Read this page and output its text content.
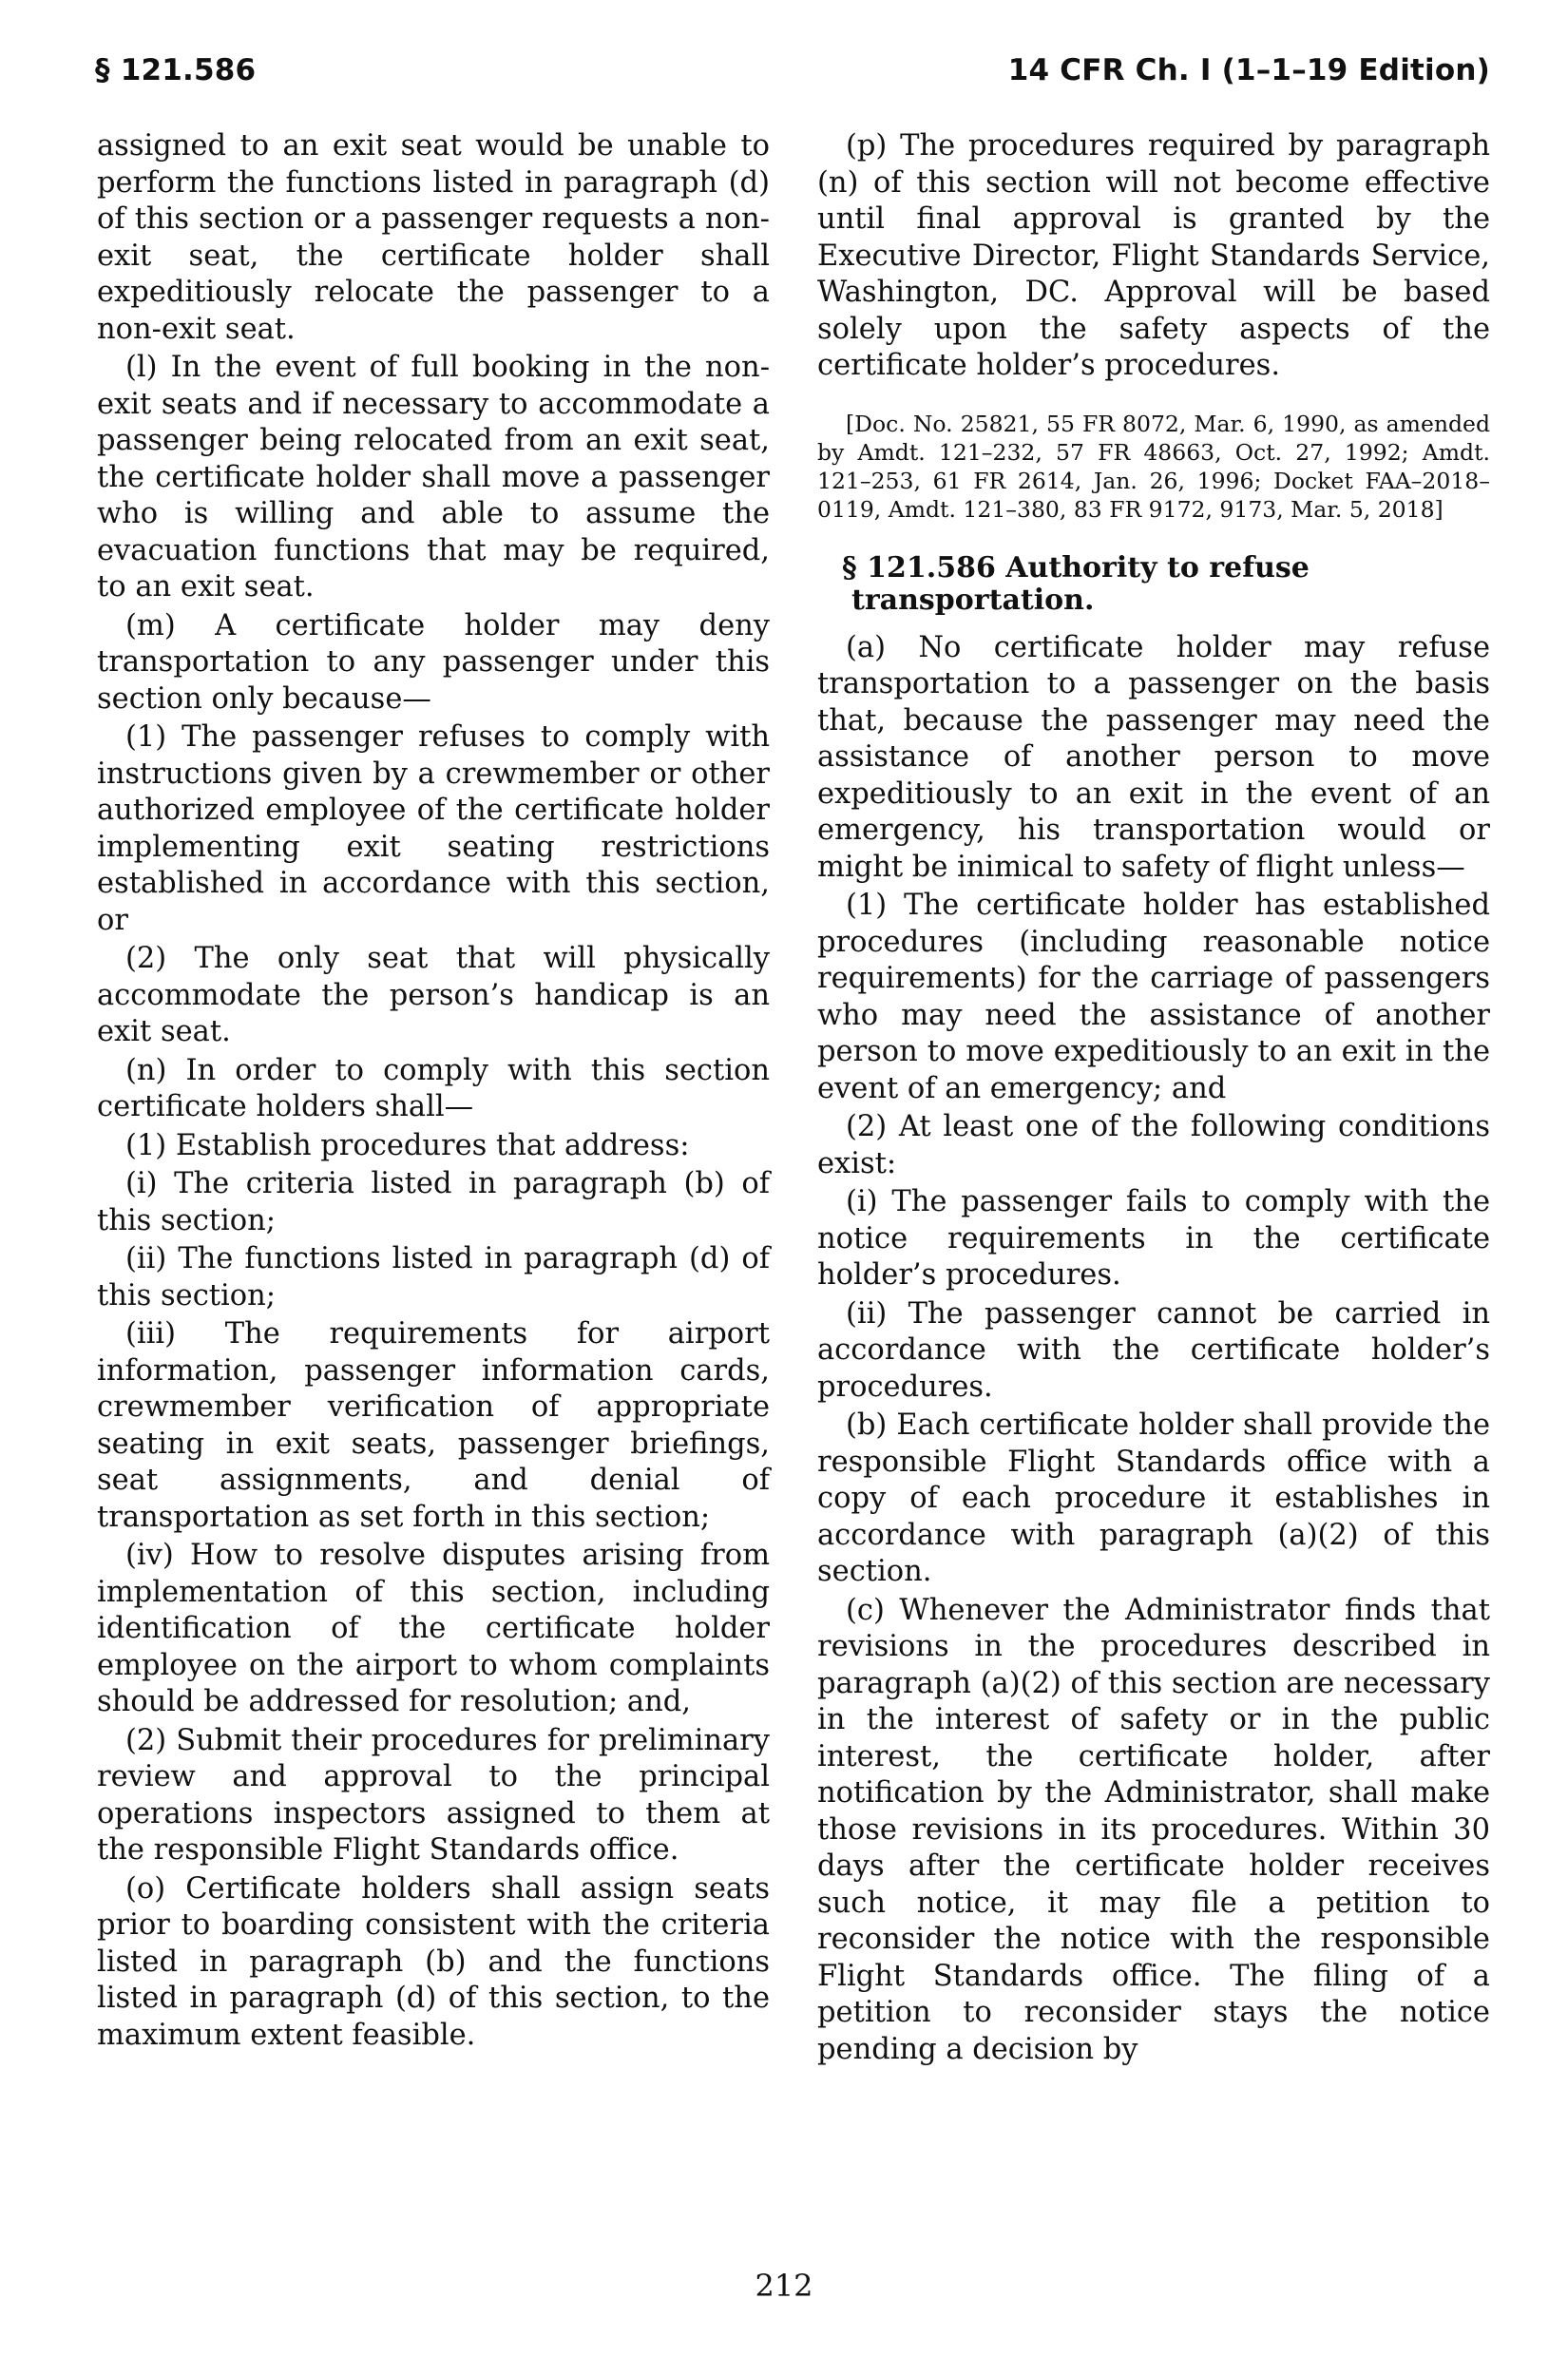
§ 121.586	14 CFR Ch. I (1–1–19 Edition)

assigned to an exit seat would be unable to perform the functions listed in paragraph (d) of this section or a passenger requests a non-exit seat, the certificate holder shall expeditiously relocate the passenger to a non-exit seat.

(l) In the event of full booking in the non-exit seats and if necessary to accommodate a passenger being relocated from an exit seat, the certificate holder shall move a passenger who is willing and able to assume the evacuation functions that may be required, to an exit seat.

(m) A certificate holder may deny transportation to any passenger under this section only because—

(1) The passenger refuses to comply with instructions given by a crewmember or other authorized employee of the certificate holder implementing exit seating restrictions established in accordance with this section, or

(2) The only seat that will physically accommodate the person’s handicap is an exit seat.

(n) In order to comply with this section certificate holders shall—

(1) Establish procedures that address:

(i) The criteria listed in paragraph (b) of this section;

(ii) The functions listed in paragraph (d) of this section;

(iii) The requirements for airport information, passenger information cards, crewmember verification of appropriate seating in exit seats, passenger briefings, seat assignments, and denial of transportation as set forth in this section;

(iv) How to resolve disputes arising from implementation of this section, including identification of the certificate holder employee on the airport to whom complaints should be addressed for resolution; and,

(2) Submit their procedures for preliminary review and approval to the principal operations inspectors assigned to them at the responsible Flight Standards office.

(o) Certificate holders shall assign seats prior to boarding consistent with the criteria listed in paragraph (b) and the functions listed in paragraph (d) of this section, to the maximum extent feasible.

(p) The procedures required by paragraph (n) of this section will not become effective until final approval is granted by the Executive Director, Flight Standards Service, Washington, DC. Approval will be based solely upon the safety aspects of the certificate holder’s procedures.

[Doc. No. 25821, 55 FR 8072, Mar. 6, 1990, as amended by Amdt. 121–232, 57 FR 48663, Oct. 27, 1992; Amdt. 121–253, 61 FR 2614, Jan. 26, 1996; Docket FAA–2018–0119, Amdt. 121–380, 83 FR 9172, 9173, Mar. 5, 2018]

§ 121.586 Authority to refuse transportation.

(a) No certificate holder may refuse transportation to a passenger on the basis that, because the passenger may need the assistance of another person to move expeditiously to an exit in the event of an emergency, his transportation would or might be inimical to safety of flight unless—

(1) The certificate holder has established procedures (including reasonable notice requirements) for the carriage of passengers who may need the assistance of another person to move expeditiously to an exit in the event of an emergency; and

(2) At least one of the following conditions exist:

(i) The passenger fails to comply with the notice requirements in the certificate holder’s procedures.

(ii) The passenger cannot be carried in accordance with the certificate holder’s procedures.

(b) Each certificate holder shall provide the responsible Flight Standards office with a copy of each procedure it establishes in accordance with paragraph (a)(2) of this section.

(c) Whenever the Administrator finds that revisions in the procedures described in paragraph (a)(2) of this section are necessary in the interest of safety or in the public interest, the certificate holder, after notification by the Administrator, shall make those revisions in its procedures. Within 30 days after the certificate holder receives such notice, it may file a petition to reconsider the notice with the responsible Flight Standards office. The filing of a petition to reconsider stays the notice pending a decision by

212
